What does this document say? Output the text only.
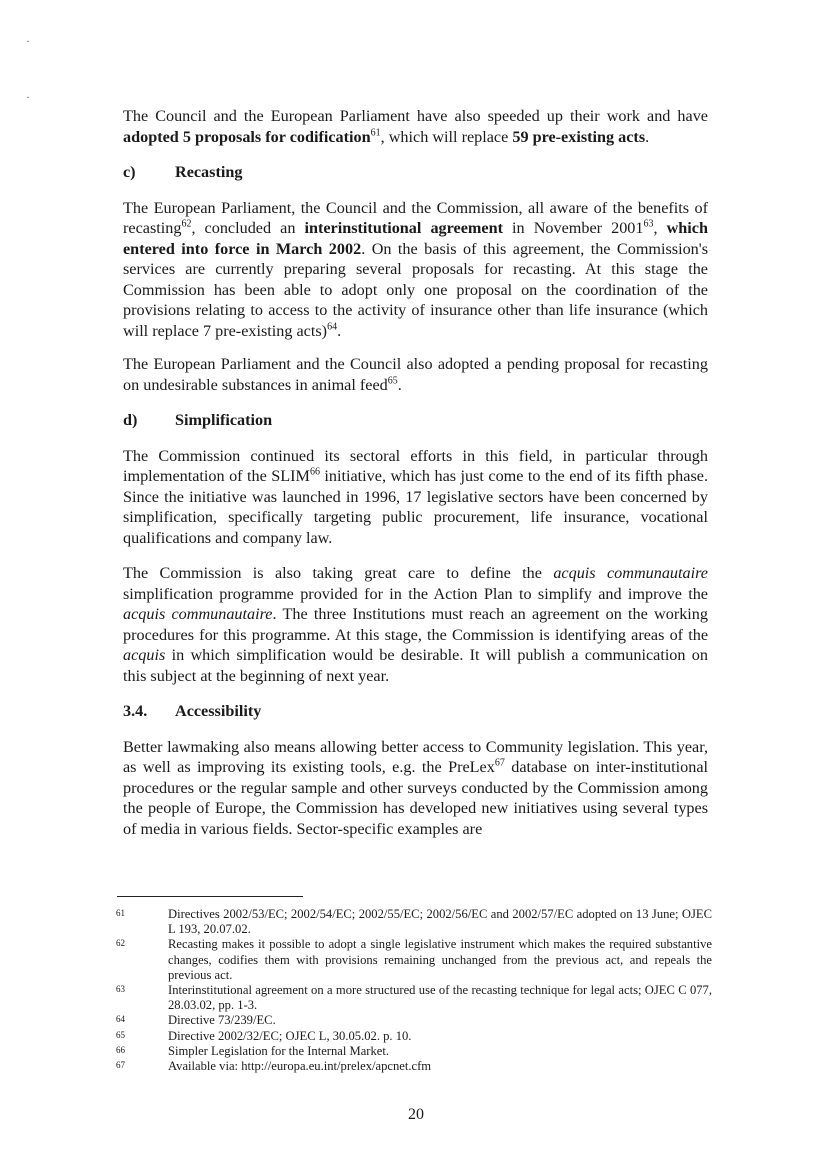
·
·

The Council and the European Parliament have also speeded up their work and have adopted 5 proposals for codification$^{61}$, which will replace 59 pre-existing acts.

c) Recasting

The European Parliament, the Council and the Commission, all aware of the benefits of recasting$^{62}$, concluded an interinstitutional agreement in November 2001$^{63}$, which entered into force in March 2002. On the basis of this agreement, the Commission's services are currently preparing several proposals for recasting. At this stage the Commission has been able to adopt only one proposal on the coordination of the provisions relating to access to the activity of insurance other than life insurance (which will replace 7 pre-existing acts)$^{64}$.

The European Parliament and the Council also adopted a pending proposal for recasting on undesirable substances in animal feed$^{65}$.

d) Simplification

The Commission continued its sectoral efforts in this field, in particular through implementation of the SLIM$^{66}$ initiative, which has just come to the end of its fifth phase. Since the initiative was launched in 1996, 17 legislative sectors have been concerned by simplification, specifically targeting public procurement, life insurance, vocational qualifications and company law.

The Commission is also taking great care to define the acquis communautaire simplification programme provided for in the Action Plan to simplify and improve the acquis communautaire. The three Institutions must reach an agreement on the working procedures for this programme. At this stage, the Commission is identifying areas of the acquis in which simplification would be desirable. It will publish a communication on this subject at the beginning of next year.

3.4. Accessibility

Better lawmaking also means allowing better access to Community legislation. This year, as well as improving its existing tools, e.g. the PreLex$^{67}$ database on inter-institutional procedures or the regular sample and other surveys conducted by the Commission among the people of Europe, the Commission has developed new initiatives using several types of media in various fields. Sector-specific examples are

61	Directives 2002/53/EC; 2002/54/EC; 2002/55/EC; 2002/56/EC and 2002/57/EC adopted on 13 June; OJEC L 193, 20.07.02.
62	Recasting makes it possible to adopt a single legislative instrument which makes the required substantive changes, codifies them with provisions remaining unchanged from the previous act, and repeals the previous act.
63	Interinstitutional agreement on a more structured use of the recasting technique for legal acts; OJEC C 077, 28.03.02, pp. 1-3.
64	Directive 73/239/EC.
65	Directive 2002/32/EC; OJEC L, 30.05.02. p. 10.
66	Simpler Legislation for the Internal Market.
67	Available via: http://europa.eu.int/prelex/apcnet.cfm
20
